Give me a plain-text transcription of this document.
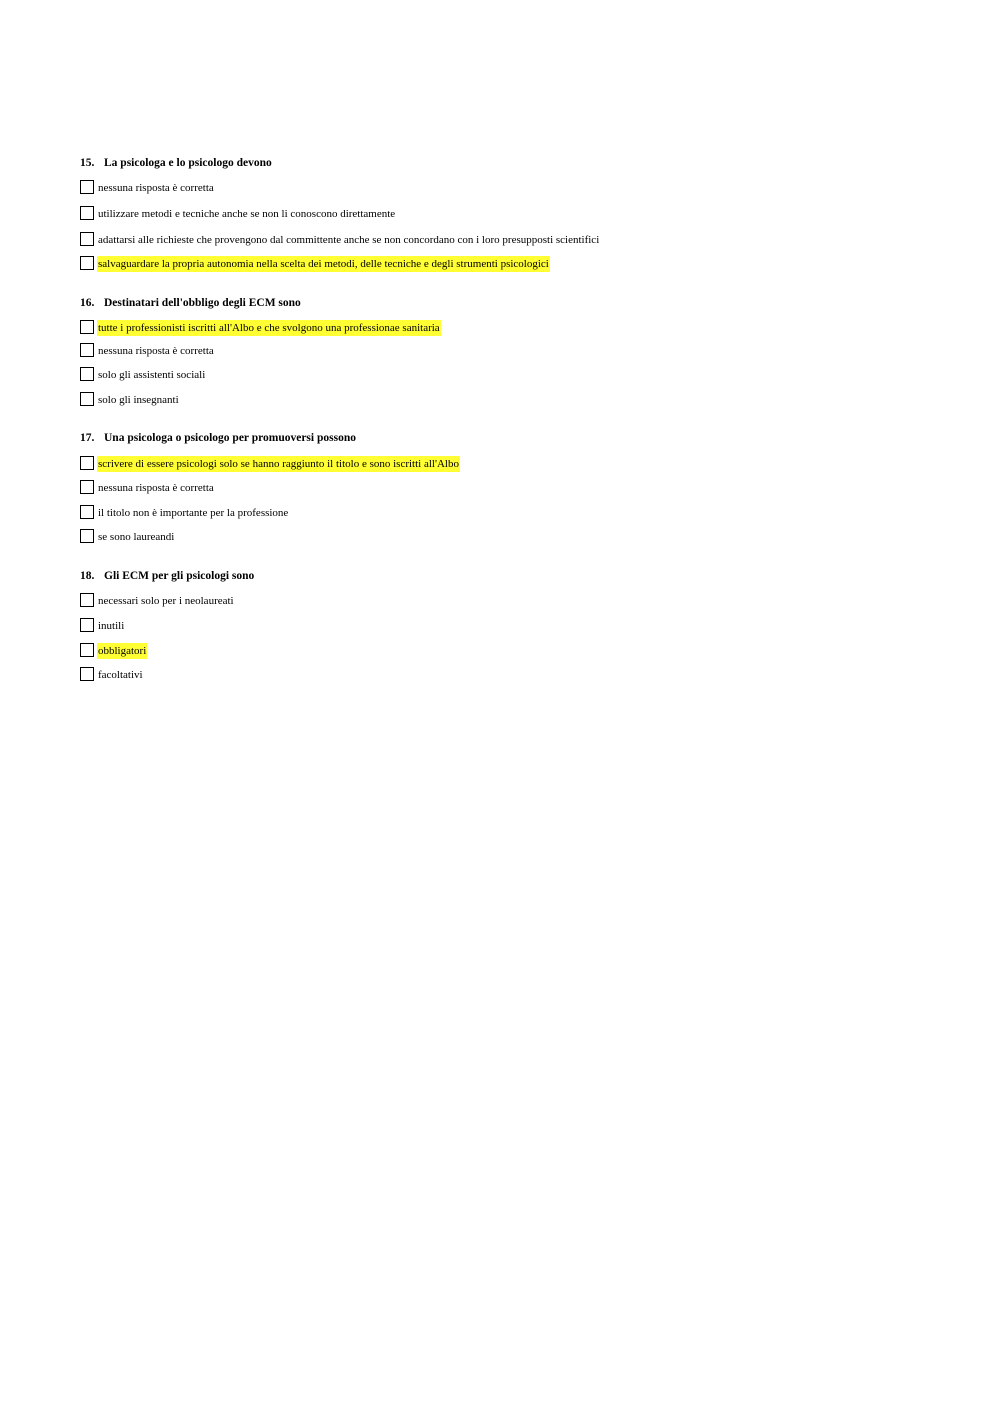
15. La psicologa e lo psicologo devono
nessuna risposta è corretta
utilizzare metodi e tecniche anche se non li conoscono direttamente
adattarsi alle richieste che provengono dal committente anche se non concordano con i loro presupposti scientifici
salvaguardare la propria autonomia nella scelta dei metodi, delle tecniche e degli strumenti psicologici
16. Destinatari dell'obbligo degli ECM sono
tutte i professionisti iscritti all'Albo e che svolgono una professionae sanitaria
nessuna risposta è corretta
solo gli assistenti sociali
solo gli insegnanti
17. Una psicologa o psicologo per promuoversi possono
scrivere di essere psicologi solo se hanno raggiunto il titolo e sono iscritti all'Albo
nessuna risposta è corretta
il titolo non è importante per la professione
se sono laureandi
18. Gli ECM per gli psicologi sono
necessari solo per i neolaureati
inutili
obbligatori
facoltativi
